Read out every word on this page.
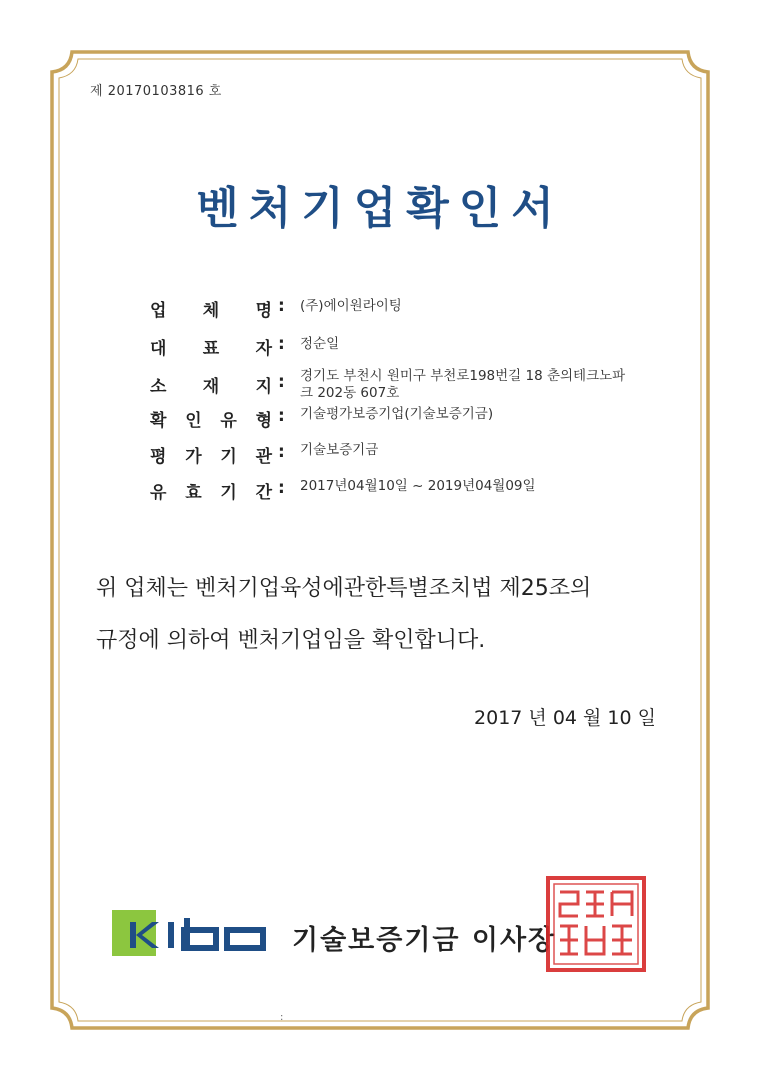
제 20170103816 호
벤처기업확인서
업 체 명 : (주)에이원라이팅
대 표 자 : 정순일
소 재 지 : 경기도 부천시 원미구 부천로198번길 18 춘의테크노파
크 202동 607호
확 인 유 형 : 기술평가보증기업(기술보증기금)
평 가 기 관 : 기술보증기금
유 효 기 간 : 2017년04월10일 ~ 2019년04월09일
위 업체는 벤처기업육성에관한특별조치법 제25조의
규정에 의하여 벤처기업임을 확인합니다.
2017 년 04 월 10 일
기술보증기금 이사장
:
